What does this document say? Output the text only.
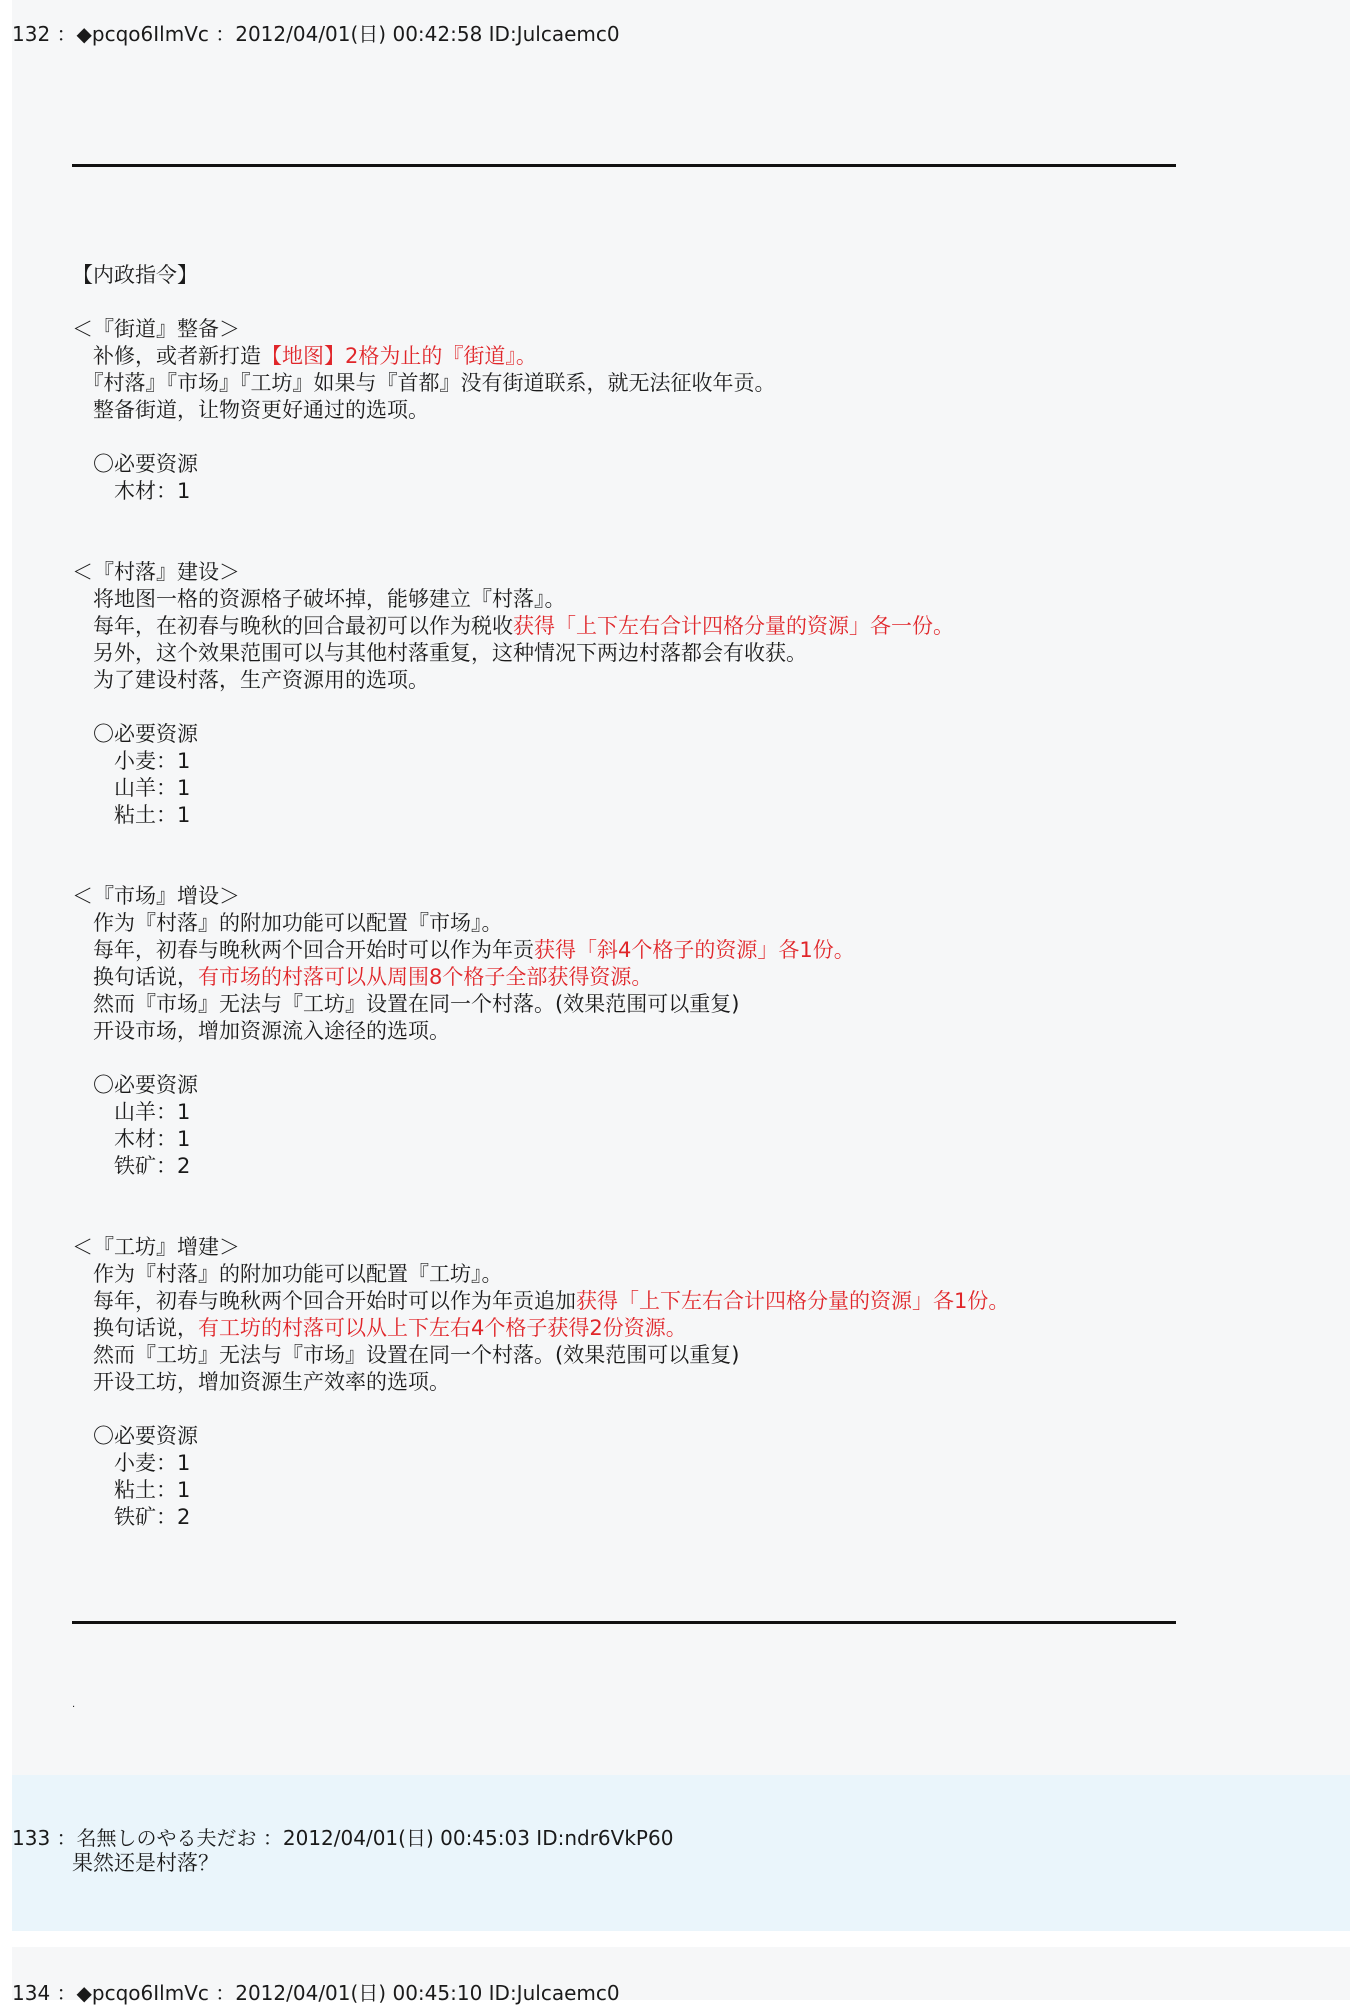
132 ：◆pcqo6IlmVc ：2012/04/01(日) 00:42:58 ID:Julcaemc0
【内政指令】

＜『街道』整备＞
　补修，或者新打造【地图】2格为止的『街道』。
　『村落』『市场』『工坊』如果与『首都』没有街道联系，就无法征收年贡。
　整备街道，让物资更好通过的选项。

　〇必要资源
　　木材：1

＜『村落』建设＞
　将地图一格的资源格子破坏掉，能够建立『村落』。
　每年，在初春与晚秋的回合最初可以作为税收获得「上下左右合计四格分量的资源」各一份。
　另外，这个效果范围可以与其他村落重复，这种情况下两边村落都会有收获。
　为了建设村落，生产资源用的选项。

　〇必要资源
　　小麦：1
　　山羊：1
　　粘土：1

＜『市场』增设＞
　作为『村落』的附加功能可以配置『市场』。
　每年，初春与晚秋两个回合开始时可以作为年贡获得「斜4个格子的资源」各1份。
　换句话说，有市场的村落可以从周围8个格子全部获得资源。
　然而『市场』无法与『工坊』设置在同一个村落。(效果范围可以重复)
　开设市场，增加资源流入途径的选项。

　〇必要资源
　　山羊：1
　　木材：1
　　铁矿：2

＜『工坊』增建＞
　作为『村落』的附加功能可以配置『工坊』。
　每年，初春与晚秋两个回合开始时可以作为年贡追加获得「上下左右合计四格分量的资源」各1份。
　换句话说，有工坊的村落可以从上下左右4个格子获得2份资源。
　然而『工坊』无法与『市场』设置在同一个村落。(效果范围可以重复)
　开设工坊，增加资源生产效率的选项。

　〇必要资源
　　小麦：1
　　粘土：1
　　铁矿：2
.
133 ：名無しのやる夫だお ：2012/04/01(日) 00:45:03 ID:ndr6VkP60
果然还是村落？
134 ：◆pcqo6IlmVc ：2012/04/01(日) 00:45:10 ID:Julcaemc0
